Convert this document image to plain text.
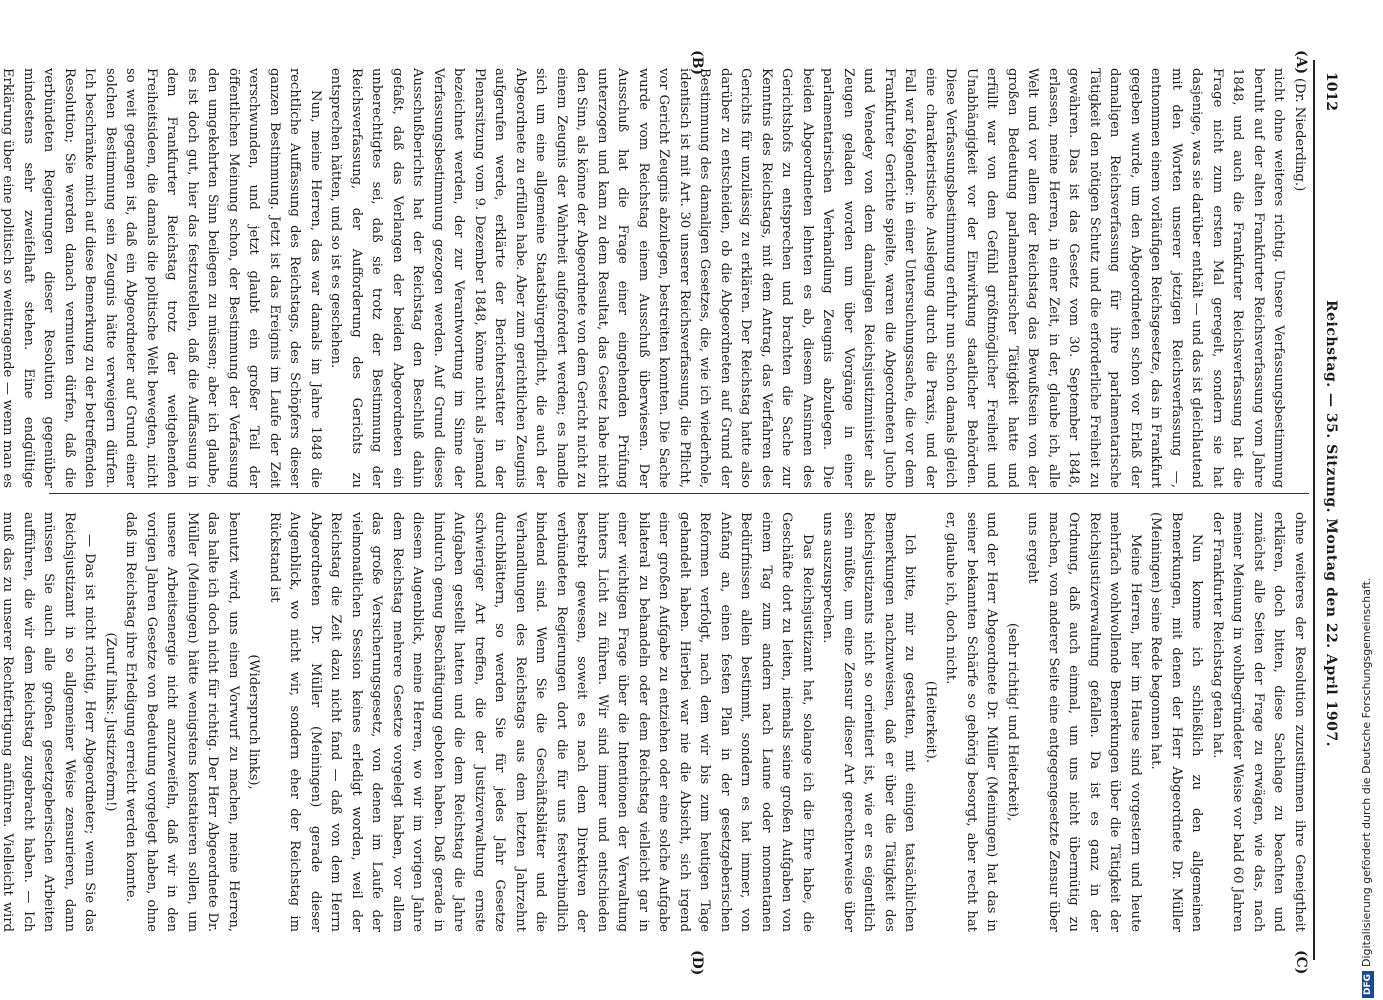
1012
Reichstag. — 35. Sitzung. Montag den 22. April 1907.
(A)
(B)
(C)
(D)
(Dr. Niederding.)

nicht ohne weiteres richtig. Unsere Verfassungsbestimmung beruht auf der alten Frankfurter Reichsverfassung vom Jahre 1848, und auch die Frankfurter Reichsverfassung hat die Frage nicht zum ersten Mal geregelt, sondern sie hat dasjenige, was sie darüber enthält — und das ist gleichlautend mit den Worten unserer jetzigen Reichsverfassung —, entnommen einem vorläufigen Reichsgesetze, das in Frankfurt gegeben wurde, um den Abgeordneten schon vor Erlaß der damaligen Reichsverfassung für ihre parlamentarische Tätigkeit den nötigen Schutz und die erforderliche Freiheit zu gewähren. Das ist das Gesetz vom 30. September 1848, erlassen, meine Herren, in einer Zeit, in der, glaube ich, alle Welt und vor allem der Reichstag das Bewußtsein von der großen Bedeutung parlamentarischer Tätigkeit hatte und erfüllt war von dem Gefühl größtmöglicher Freiheit und Unabhängigkeit vor der Einwirkung staatlicher Behörden. Diese Verfassungsbestimmung erfuhr nun schon damals gleich eine charakteristische Auslegung durch die Praxis, und der Fall war folgender: in einer Untersuchungssache, die vor dem Frankfurter Gerichte spielte, waren die Abgeordneten Jucho und Venedey von dem damaligen Reichsjustizminister als Zeugen geladen worden um über Vorgänge in einer parlamentarischen Verhandlung Zeugnis abzulegen. Die beiden Abgeordneten lehnten es ab, diesem Ansinnen des Gerichtshofs zu entsprechen und brachten die Sache zur Kenntnis des Reichstags, mit dem Antrag, das Verfahren des Gerichts für unzulässig zu erklären. Der Reichstag hatte also darüber zu entscheiden, ob die Abgeordneten auf Grund der Bestimmung des damaligen Gesetzes, die, wie ich wiederhole, identisch ist mit Art. 30 unserer Reichsverfassung, die Pflicht, vor Gericht Zeugnis abzulegen, bestreiten konnten. Die Sache wurde vom Reichstag einem Ausschuß überwiesen. Der Ausschuß hat die Frage einer eingehenden Prüfung unterzogen und kam zu dem Resultat, das Gesetz habe nicht den Sinn, als könne der Abgeordnete von dem Gericht nicht zu einem Zeugnis der Wahrheit aufgefordert werden; es handle sich um eine allgemeine Staatsbürgerpflicht, die auch der Abgeordnete zu erfüllen habe. Aber zum gerichtlichen Zeugnis aufgerufen werde, erklärte der Berichterstatter in der Plenarsitzung vom 9. Dezember 1848, könne nicht als jemand bezeichnet werden, der zur Verantwortung im Sinne der Verfassungsbestimmung gezogen werden. Auf Grund dieses Ausschußberichts hat der Reichstag den Beschluß dahin gefaßt, daß das Verlangen der beiden Abgeordneten ein unberechtigtes sei, daß sie trotz der Bestimmung der Reichsverfassung, der Aufforderung des Gerichts zu entsprechen hätten, und so ist es geschehen.

Nun, meine Herren, das war damals im Jahre 1848 die rechtliche Auffassung des Reichstags, des Schöpfers dieser ganzen Bestimmung. Jetzt ist das Ereignis im Laufe der Zeit verschwunden, und jetzt glaubt ein großer Teil der öffentlichen Meinung schon, der Bestimmung der Verfassung den umgekehrten Sinn beilegen zu müssen; aber ich glaube, es ist doch gut, hier das festzustellen, daß die Auffassung in dem Frankfurter Reichstag trotz der weitgehenden Freiheitsideen, die damals die politische Welt bewegten, nicht so weit gegangen ist, daß ein Abgeordneter auf Grund einer solchen Bestimmung sein Zeugnis hätte verweigern dürfen. Ich beschränke mich auf diese Bemerkung zu der betreffenden Resolution; Sie werden danach vermuten dürfen, daß die verbündeten Regierungen dieser Resolution gegenüber mindestens sehr zweifelhaft stehen. Eine endgültige Erklärung über eine politisch so weittragende — wenn man es

ohne weiteres der Resolution zuzustimmen ihre Geneigtheit erklären, doch bitten, diese Sachlage zu beachten und zunächst alle Seiten der Frage zu erwägen, wie das, nach meiner Meinung in wohlbegründeter Weise vor bald 60 Jahren der Frankfurter Reichstag getan hat.

Nun komme ich schließlich zu den allgemeinen Bemerkungen, mit denen der Herr Abgeordnete Dr. Müller (Meiningen) seine Rede begonnen hat.

Meine Herren, hier im Hause sind vorgestern und heute mehrfach wohlwollende Bemerkungen über die Tätigkeit der Reichsjustizverwaltung gefallen. Da ist es ganz in der Ordnung, daß auch einmal, um uns nicht übermütig zu machen, von anderer Seite eine entgegengesetzte Zensur über uns ergeht

(sehr richtig! und Heiterkeit),

und der Herr Abgeordnete Dr. Müller (Meiningen) hat das in seiner bekannten Schärfe so gehörig besorgt, aber recht hat er, glaube ich, doch nicht.

(Heiterkeit).

Ich bitte, mir zu gestatten, mit einigen tatsächlichen Bemerkungen nachzuweisen, daß er über die Tätigkeit des Reichsjustizamts nicht so orientiert ist, wie er es eigentlich sein müßte, um eine Zensur dieser Art gerechterweise über uns auszusprechen.

Das Reichsjustizamt hat, solange ich die Ehre habe, die Geschäfte dort zu leiten, niemals seine großen Aufgaben von einem Tag zum andern nach Laune oder momentanen Bedürfnissen allein bestimmt, sondern es hat immer, von Anfang an, einen festen Plan in der gesetzgeberischen Reformen verfolgt, nach dem wir bis zum heutigen Tage gehandelt haben. Hierbei war nie die Absicht, sich irgend einer großen Aufgabe zu entziehen oder eine solche Aufgabe bilateral zu behandeln oder dem Reichstag vielleicht gar in einer wichtigen Frage über die Intentionen der Verwaltung hinters Licht zu führen. Wir sind immer und entschieden bestrebt gewesen, soweit es nach dem Direktiven der verbündeten Regierungen dort die für uns festverbindlich bindend sind. Wenn Sie die Geschäftsblätter und die Verhandlungen des Reichstags aus dem letzten Jahrzehnt durchblättern, so werden Sie für jedes Jahr Gesetze schwieriger Art treffen, die der Justizverwaltung ernste Aufgaben gestellt hatten und die dem Reichstag die Jahre hindurch genug Beschäftigung geboten haben. Daß gerade in diesem Augenblick, meine Herren, wo wir im vorigen Jahre dem Reichstag mehrere Gesetze vorgelegt haben, vor allem das große Versicherungsgesetz, von denen im Laufe der vielmonatlichen Session keines erledigt worden, weil der Reichstag die Zeit dazu nicht fand — daß von dem Herrn Abgeordneten Dr. Müller (Meiningen) gerade dieser Augenblick, wo nicht wir, sondern eher der Reichstag im Rückstand ist

(Widerspruch links),

benutzt wird, uns einen Vorwurf zu machen, meine Herren, das halte ich doch nicht für richtig. Der Herr Abgeordnete Dr. Müller (Meiningen) hätte wenigstens konstatieren sollen, um unsere Arbeitsenergie nicht anzuzweifeln, daß wir in den vorigen Jahren Gesetze von Bedeutung vorgelegt haben, ohne daß im Reichstag ihre Erledigung erreicht werden konnte.

(Zuruf links: Justizreform!)

— Das ist nicht richtig, Herr Abgeordneter; wenn Sie das Reichsjustizamt in so allgemeiner Weise zensurieren, dann müssen Sie auch alle großen gesetzgeberischen Arbeiten aufführen, die wir dem Reichstag zugebracht haben. — Ich muß das zu unserer Rechtfertigung anführen. Vielleicht wird

DFGDigitalisierung gefördert durch die Deutsche Forschungsgemeinschaft.
